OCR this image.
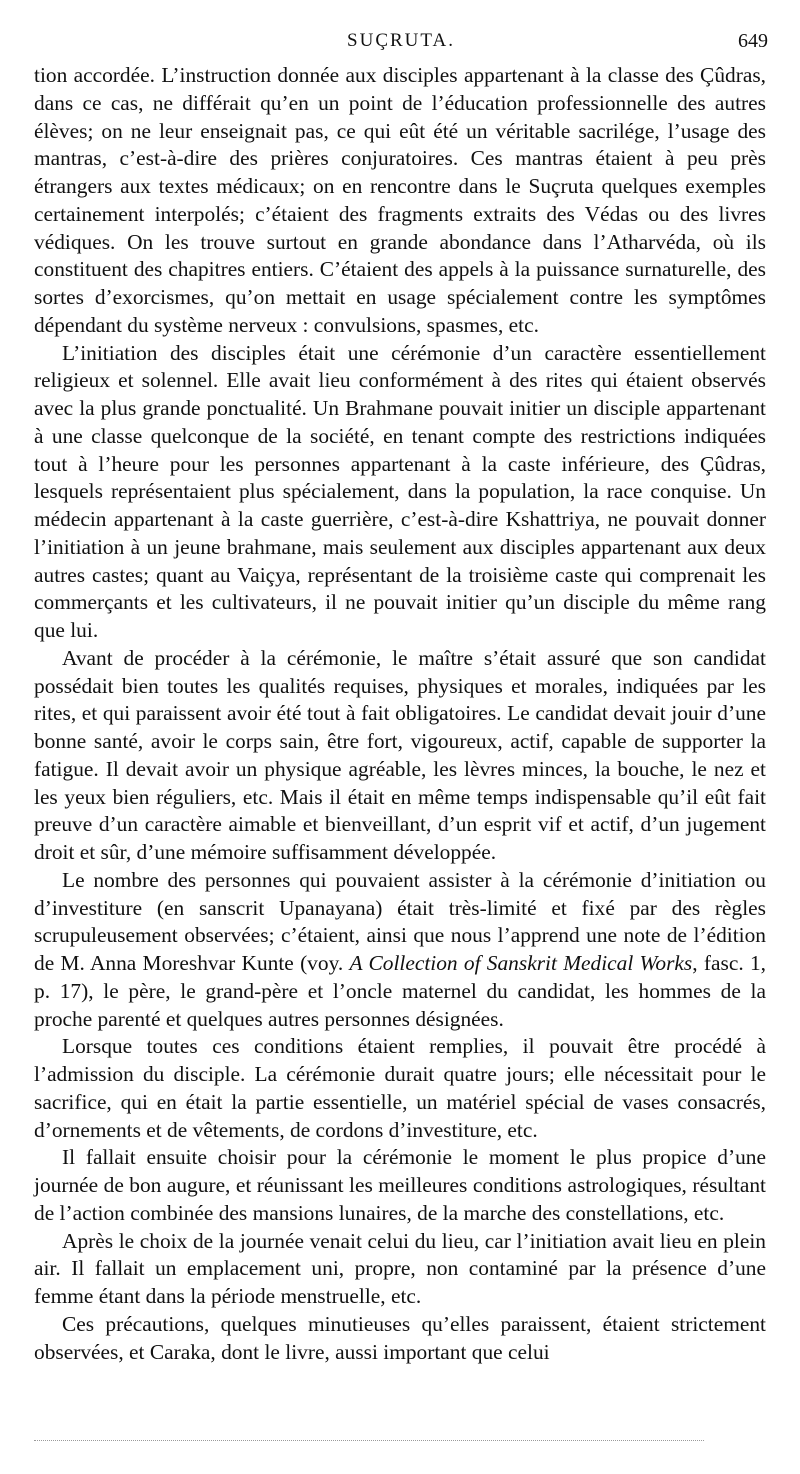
SUÇRUTA.	649

tion accordée. L’instruction donnée aux disciples appartenant à la classe des Çûdras, dans ce cas, ne différait qu’en un point de l’éducation professionnelle des autres élèves; on ne leur enseignait pas, ce qui eût été un véritable sacrilége, l’usage des mantras, c’est-à-dire des prières conjuratoires. Ces mantras étaient à peu près étrangers aux textes médicaux; on en rencontre dans le Suçruta quelques exemples certainement interpolés; c’étaient des fragments extraits des Védas ou des livres védiques. On les trouve surtout en grande abondance dans l’Atharvéda, où ils constituent des chapitres entiers. C’étaient des appels à la puissance surnaturelle, des sortes d’exorcismes, qu’on mettait en usage spécialement contre les symptômes dépendant du système nerveux : convulsions, spasmes, etc.

L’initiation des disciples était une cérémonie d’un caractère essentiellement religieux et solennel. Elle avait lieu conformément à des rites qui étaient observés avec la plus grande ponctualité. Un Brahmane pouvait initier un disciple appartenant à une classe quelconque de la société, en tenant compte des restrictions indiquées tout à l’heure pour les personnes appartenant à la caste inférieure, des Çûdras, lesquels représentaient plus spécialement, dans la population, la race conquise. Un médecin appartenant à la caste guerrière, c’est-à-dire Kshattriya, ne pouvait donner l’initiation à un jeune brahmane, mais seulement aux disciples appartenant aux deux autres castes; quant au Vaiçya, représentant de la troisième caste qui comprenait les commerçants et les cultivateurs, il ne pouvait initier qu’un disciple du même rang que lui.

Avant de procéder à la cérémonie, le maître s’était assuré que son candidat possédait bien toutes les qualités requises, physiques et morales, indiquées par les rites, et qui paraissent avoir été tout à fait obligatoires. Le candidat devait jouir d’une bonne santé, avoir le corps sain, être fort, vigoureux, actif, capable de supporter la fatigue. Il devait avoir un physique agréable, les lèvres minces, la bouche, le nez et les yeux bien réguliers, etc. Mais il était en même temps indispensable qu’il eût fait preuve d’un caractère aimable et bienveillant, d’un esprit vif et actif, d’un jugement droit et sûr, d’une mémoire suffisamment développée.

Le nombre des personnes qui pouvaient assister à la cérémonie d’initiation ou d’investiture (en sanscrit Upanayana) était très-limité et fixé par des règles scrupuleusement observées; c’étaient, ainsi que nous l’apprend une note de l’édition de M. Anna Moreshvar Kunte (voy. A Collection of Sanskrit Medical Works, fasc. 1, p. 17), le père, le grand-père et l’oncle maternel du candidat, les hommes de la proche parenté et quelques autres personnes désignées.

Lorsque toutes ces conditions étaient remplies, il pouvait être procédé à l’admission du disciple. La cérémonie durait quatre jours; elle nécessitait pour le sacrifice, qui en était la partie essentielle, un matériel spécial de vases consacrés, d’ornements et de vêtements, de cordons d’investiture, etc.

Il fallait ensuite choisir pour la cérémonie le moment le plus propice d’une journée de bon augure, et réunissant les meilleures conditions astrologiques, résultant de l’action combinée des mansions lunaires, de la marche des constellations, etc.

Après le choix de la journée venait celui du lieu, car l’initiation avait lieu en plein air. Il fallait un emplacement uni, propre, non contaminé par la présence d’une femme étant dans la période menstruelle, etc.

Ces précautions, quelques minutieuses qu’elles paraissent, étaient strictement observées, et Caraka, dont le livre, aussi important que celui
